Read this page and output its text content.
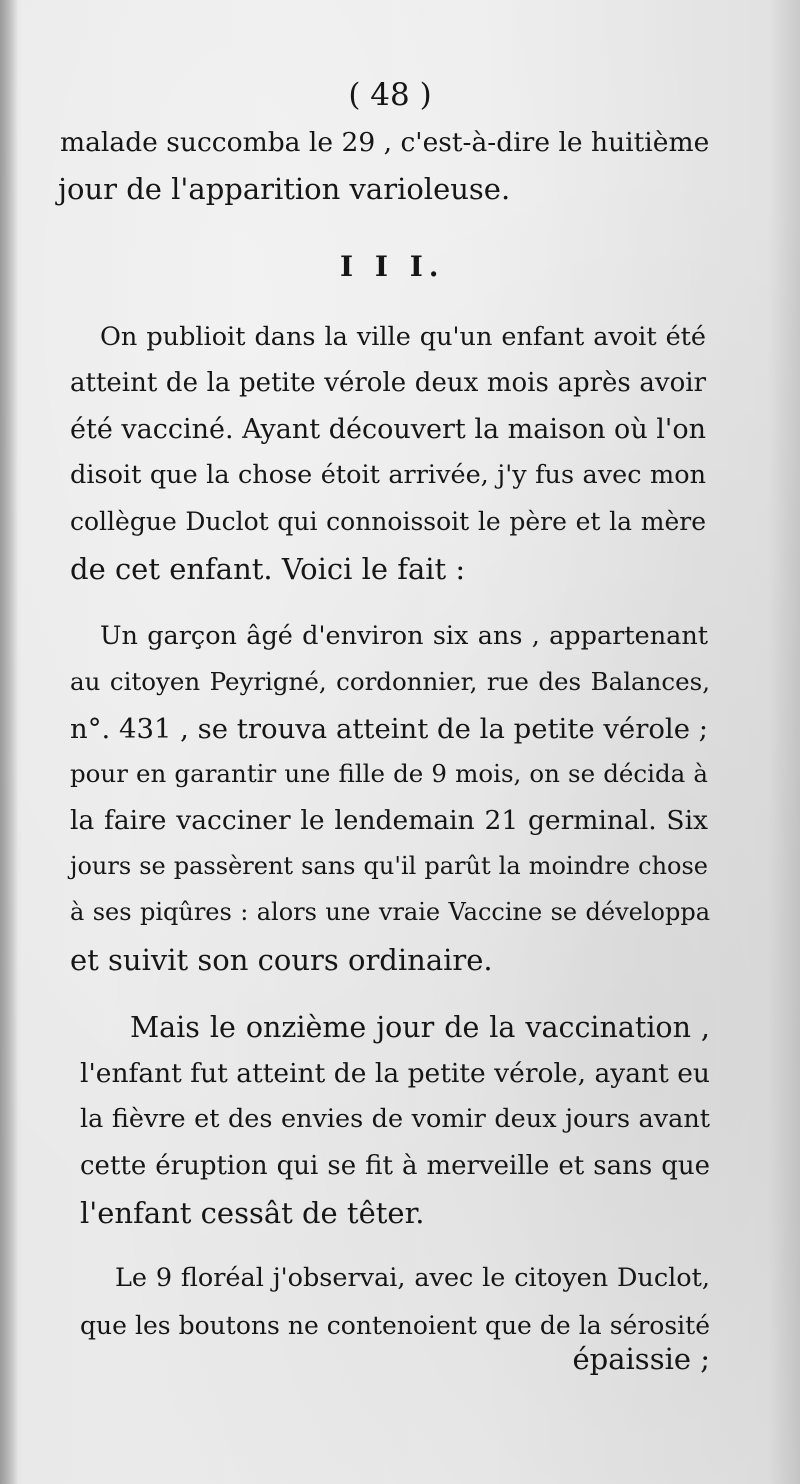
( 48 )
malade succomba le 29 , c'est-à-dire le huitième
jour de l'apparition varioleuse.
I I I.
On publioit dans la ville qu'un enfant avoit été
atteint de la petite vérole deux mois après avoir
été vacciné. Ayant découvert la maison où l'on
disoit que la chose étoit arrivée, j'y fus avec mon
collègue Duclot qui connoissoit le père et la mère
de cet enfant. Voici le fait :
Un garçon âgé d'environ six ans , appartenant
au citoyen Peyrigné, cordonnier, rue des Balances,
n°. 431 , se trouva atteint de la petite vérole ;
pour en garantir une fille de 9 mois, on se décida à
la faire vacciner le lendemain 21 germinal. Six
jours se passèrent sans qu'il parût la moindre chose
à ses piqûres : alors une vraie Vaccine se développa
et suivit son cours ordinaire.
Mais le onzième jour de la vaccination ,
l'enfant fut atteint de la petite vérole, ayant eu
la fièvre et des envies de vomir deux jours avant
cette éruption qui se fit à merveille et sans que
l'enfant cessât de têter.
Le 9 floréal j'observai, avec le citoyen Duclot,
que les boutons ne contenoient que de la sérosité
épaissie ;
